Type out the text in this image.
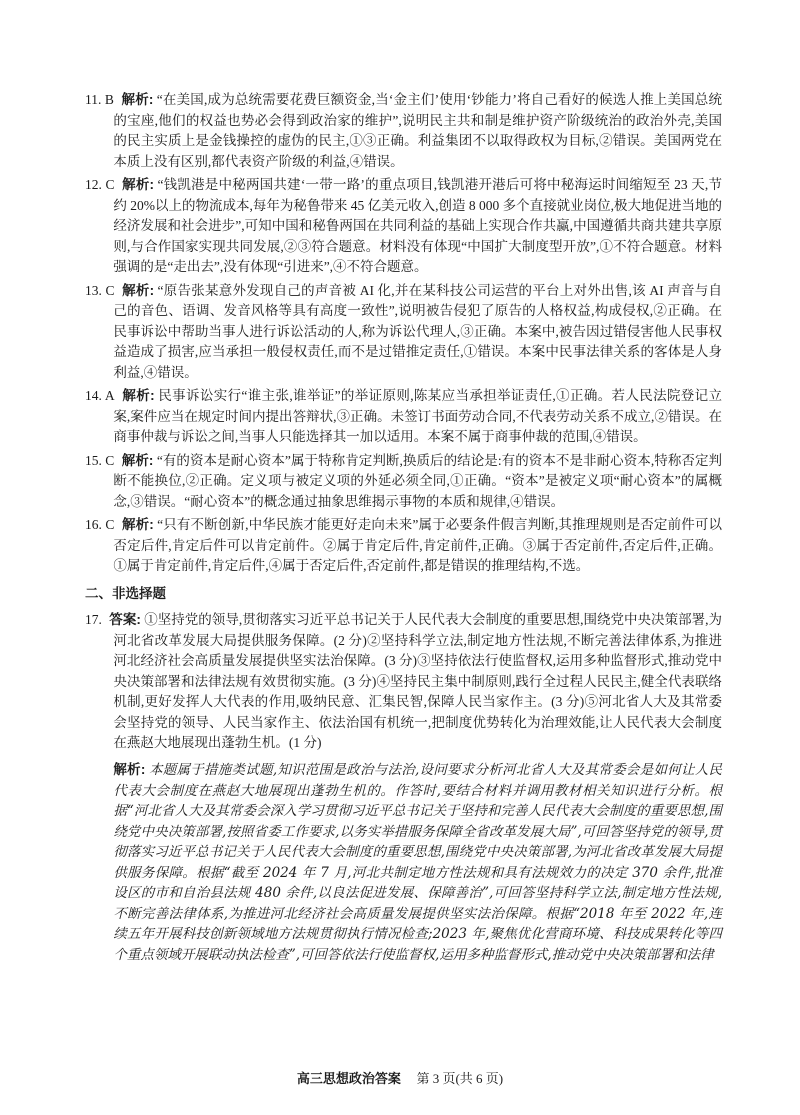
11. B 解析: “在美国,成为总统需要花费巨额资金,当‘金主们’使用‘钞能力’将自己看好的候选人推上美国总统的宝座,他们的权益也势必会得到政治家的维护”,说明民主共和制是维护资产阶级统治的政治外壳,美国的民主实质上是金钱操控的虚伪的民主,①③正确。利益集团不以取得政权为目标,②错误。美国两党在本质上没有区别,都代表资产阶级的利益,④错误。

12. C 解析: “钱凯港是中秘两国共建‘一带一路’的重点项目,钱凯港开港后可将中秘海运时间缩短至 23 天,节约 20%以上的物流成本,每年为秘鲁带来 45 亿美元收入,创造 8 000 多个直接就业岗位,极大地促进当地的经济发展和社会进步”,可知中国和秘鲁两国在共同利益的基础上实现合作共赢,中国遵循共商共建共享原则,与合作国家实现共同发展,②③符合题意。材料没有体现“中国扩大制度型开放”,①不符合题意。材料强调的是“走出去”,没有体现“引进来”,④不符合题意。

13. C 解析: “原告张某意外发现自己的声音被 AI 化,并在某科技公司运营的平台上对外出售,该 AI 声音与自己的音色、语调、发音风格等具有高度一致性”,说明被告侵犯了原告的人格权益,构成侵权,②正确。在民事诉讼中帮助当事人进行诉讼活动的人,称为诉讼代理人,③正确。本案中,被告因过错侵害他人民事权益造成了损害,应当承担一般侵权责任,而不是过错推定责任,①错误。本案中民事法律关系的客体是人身利益,④错误。

14. A 解析: 民事诉讼实行“谁主张,谁举证”的举证原则,陈某应当承担举证责任,①正确。若人民法院登记立案,案件应当在规定时间内提出答辩状,③正确。未签订书面劳动合同,不代表劳动关系不成立,②错误。在商事仲裁与诉讼之间,当事人只能选择其一加以适用。本案不属于商事仲裁的范围,④错误。

15. C 解析: “有的资本是耐心资本”属于特称肯定判断,换质后的结论是:有的资本不是非耐心资本,特称否定判断不能换位,②正确。定义项与被定义项的外延必须全同,①正确。“资本”是被定义项“耐心资本”的属概念,③错误。“耐心资本”的概念通过抽象思维揭示事物的本质和规律,④错误。

16. C 解析: “只有不断创新,中华民族才能更好走向未来”属于必要条件假言判断,其推理规则是否定前件可以否定后件,肯定后件可以肯定前件。②属于肯定后件,肯定前件,正确。③属于否定前件,否定后件,正确。①属于肯定前件,肯定后件,④属于否定后件,否定前件,都是错误的推理结构,不选。

二、非选择题

17. 答案: ①坚持党的领导,贯彻落实习近平总书记关于人民代表大会制度的重要思想,围绕党中央决策部署,为河北省改革发展大局提供服务保障。(2 分)②坚持科学立法,制定地方性法规,不断完善法律体系,为推进河北经济社会高质量发展提供坚实法治保障。(3 分)③坚持依法行使监督权,运用多种监督形式,推动党中央决策部署和法律法规有效贯彻实施。(3 分)④坚持民主集中制原则,践行全过程人民民主,健全代表联络机制,更好发挥人大代表的作用,吸纳民意、汇集民智,保障人民当家作主。(3 分)⑤河北省人大及其常委会坚持党的领导、人民当家作主、依法治国有机统一,把制度优势转化为治理效能,让人民代表大会制度在燕赵大地展现出蓬勃生机。(1 分)

解析: 本题属于措施类试题,知识范围是政治与法治,设问要求分析河北省人大及其常委会是如何让人民代表大会制度在燕赵大地展现出蓬勃生机的。作答时,要结合材料并调用教材相关知识进行分析。根据“河北省人大及其常委会深入学习贯彻习近平总书记关于坚持和完善人民代表大会制度的重要思想,围绕党中央决策部署,按照省委工作要求,以务实举措服务保障全省改革发展大局”,可回答坚持党的领导,贯彻落实习近平总书记关于人民代表大会制度的重要思想,围绕党中央决策部署,为河北省改革发展大局提供服务保障。根据“截至 2024 年 7 月,河北共制定地方性法规和具有法规效力的决定 370 余件,批准设区的市和自治县法规 480 余件,以良法促进发展、保障善治”,可回答坚持科学立法,制定地方性法规,不断完善法律体系,为推进河北经济社会高质量发展提供坚实法治保障。根据“2018 年至 2022 年,连续五年开展科技创新领域地方法规贯彻执行情况检查;2023 年,聚焦优化营商环境、科技成果转化等四个重点领域开展联动执法检查”,可回答依法行使监督权,运用多种监督形式,推动党中央决策部署和法律

高三思想政治答案 第 3 页(共 6 页)
